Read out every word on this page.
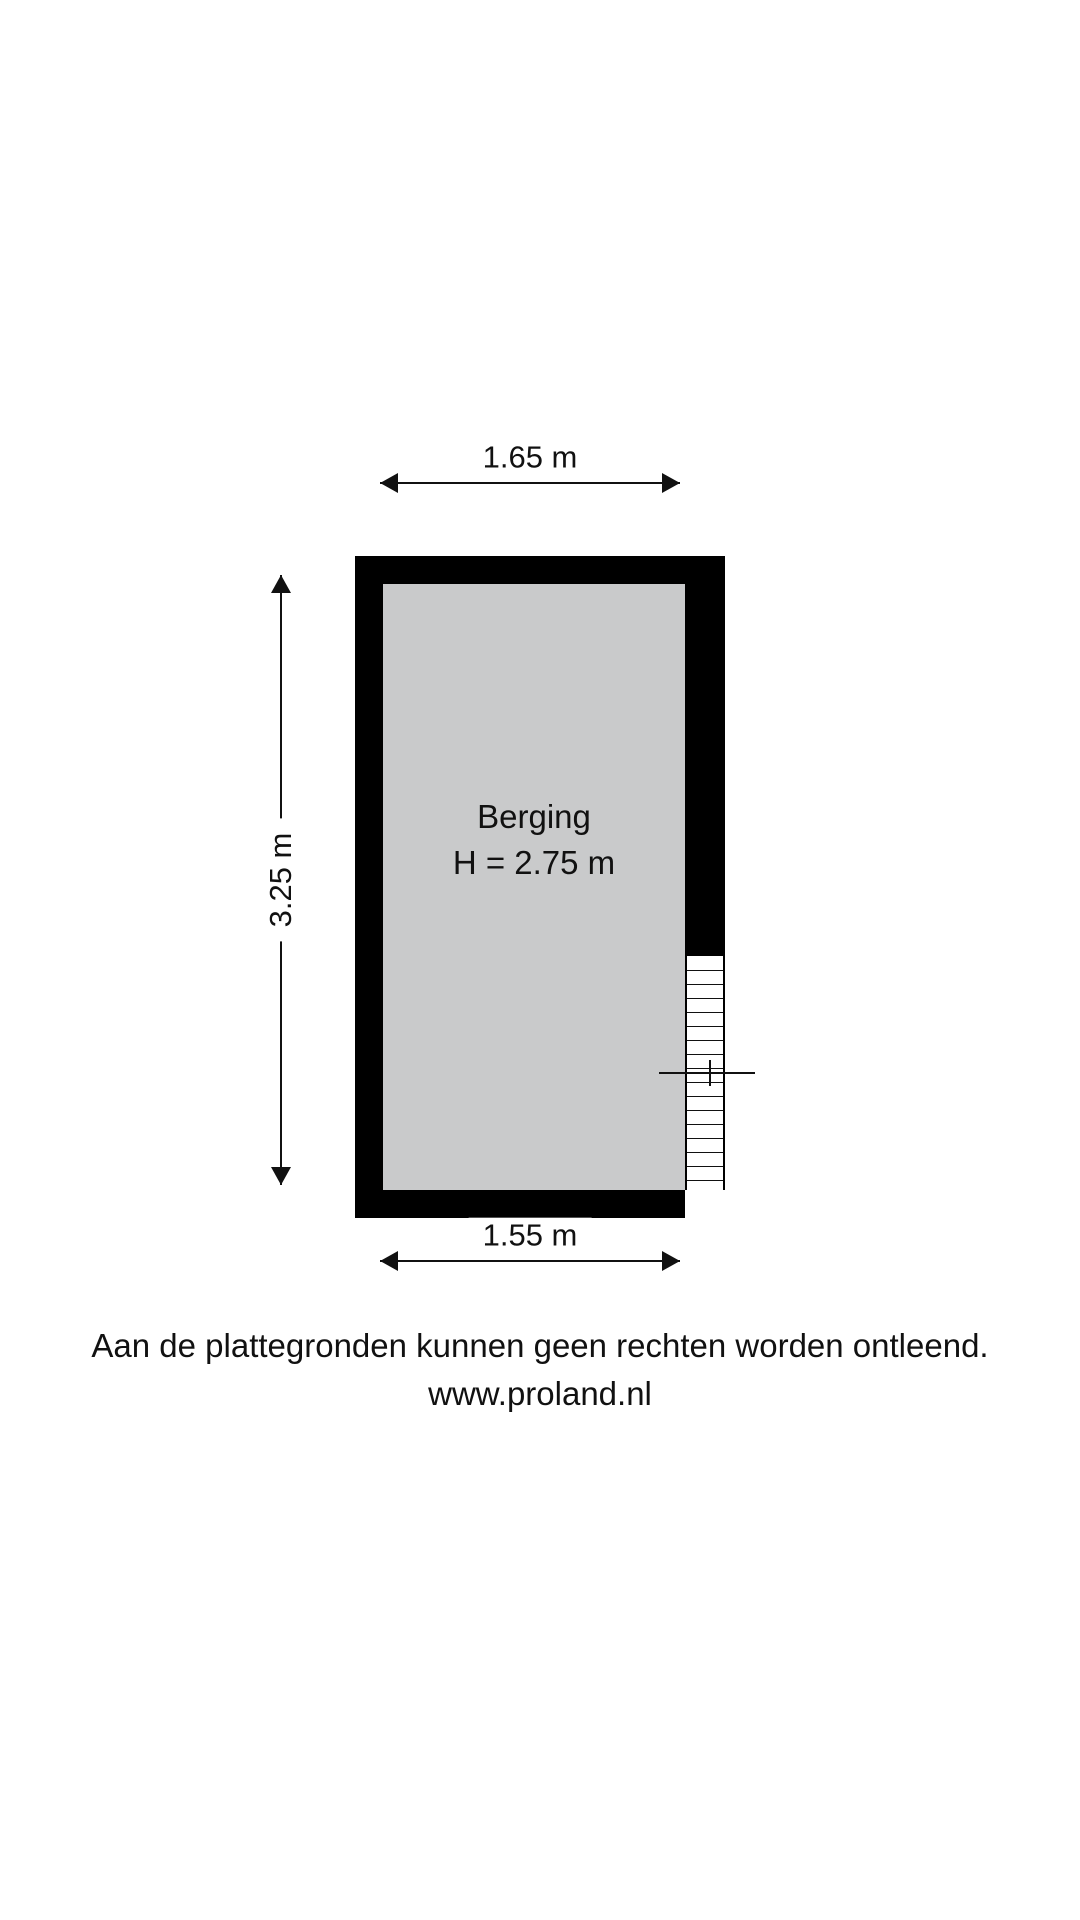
1.65 m
3.25 m
Berging
H = 2.75 m
1.55 m
Aan de plattegronden kunnen geen rechten worden ontleend.
www.proland.nl
